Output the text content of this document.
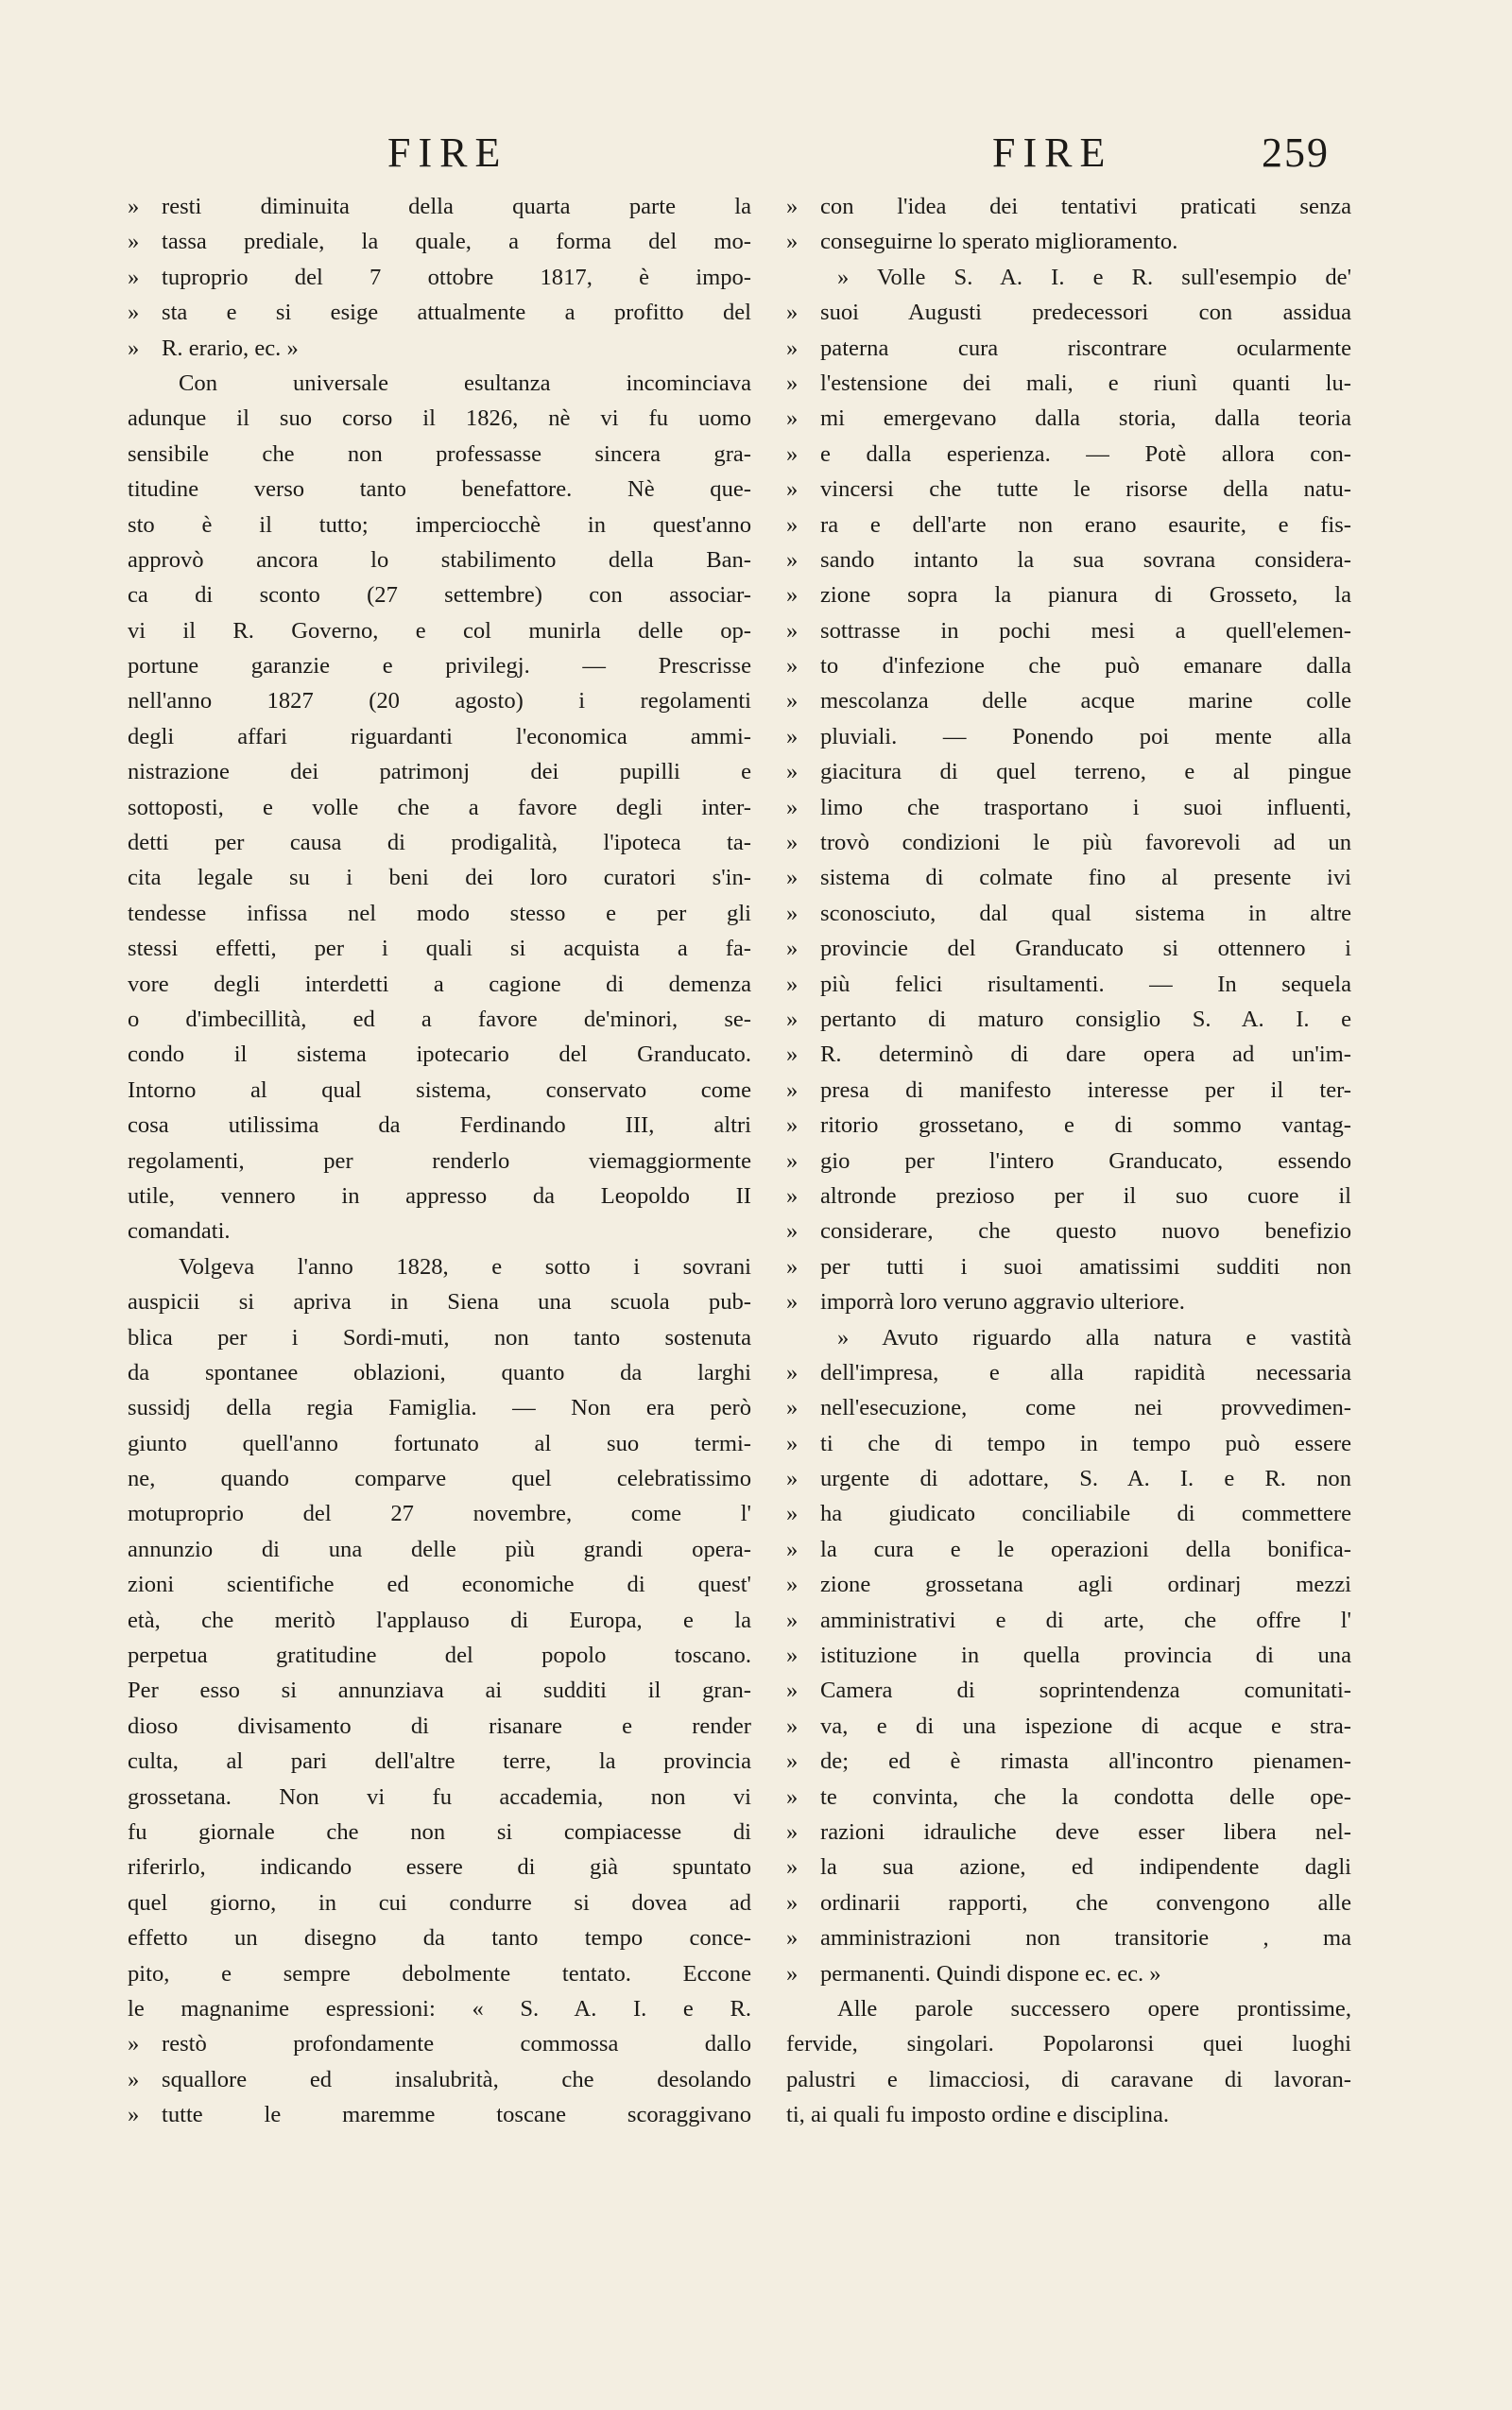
FIRE	FIRE	259
» resti diminuita della quarta parte la
» tassa prediale, la quale, a forma del mo-
» tuproprio del 7 ottobre 1817, è impo-
» sta e si esige attualmente a profitto del
» R. erario, ec. »
Con universale esultanza incominciava
adunque il suo corso il 1826, nè vi fu uomo
sensibile che non professasse sincera gra-
titudine verso tanto benefattore. Nè que-
sto è il tutto; imperciocchè in quest'anno
approvò ancora lo stabilimento della Ban-
ca di sconto (27 settembre) con associar-
vi il R. Governo, e col munirla delle op-
portune garanzie e privilegj. — Prescrisse
nell'anno 1827 (20 agosto) i regolamenti
degli affari riguardanti l'economica ammi-
nistrazione dei patrimonj dei pupilli e
sottoposti, e volle che a favore degli inter-
detti per causa di prodigalità, l'ipoteca ta-
cita legale su i beni dei loro curatori s'in-
tendesse infissa nel modo stesso e per gli
stessi effetti, per i quali si acquista a fa-
vore degli interdetti a cagione di demenza
o d'imbecillità, ed a favore de'minori, se-
condo il sistema ipotecario del Granducato.
Intorno al qual sistema, conservato come
cosa utilissima da Ferdinando III, altri
regolamenti, per renderlo viemaggiormente
utile, vennero in appresso da Leopoldo II
comandati.
Volgeva l'anno 1828, e sotto i sovrani
auspicii si apriva in Siena una scuola pub-
blica per i Sordi-muti, non tanto sostenuta
da spontanee oblazioni, quanto da larghi
sussidj della regia Famiglia. — Non era però
giunto quell'anno fortunato al suo termi-
ne, quando comparve quel celebratissimo
motuproprio del 27 novembre, come l'
annunzio di una delle più grandi opera-
zioni scientifiche ed economiche di quest'
età, che meritò l'applauso di Europa, e la
perpetua gratitudine del popolo toscano.
Per esso si annunziava ai sudditi il gran-
dioso divisamento di risanare e render
culta, al pari dell'altre terre, la provincia
grossetana. Non vi fu accademia, non vi
fu giornale che non si compiacesse di
riferirlo, indicando essere di già spuntato
quel giorno, in cui condurre si dovea ad
effetto un disegno da tanto tempo conce-
pito, e sempre debolmente tentato. Eccone
le magnanime espressioni: « S. A. I. e R.
» restò profondamente commossa dallo
» squallore ed insalubrità, che desolando
» tutte le maremme toscane scoraggivano
» con l'idea dei tentativi praticati senza
» conseguirne lo sperato miglioramento.
» Volle S. A. I. e R. sull'esempio de'
» suoi Augusti predecessori con assidua
» paterna cura riscontrare ocularmente
» l'estensione dei mali, e riunì quanti lu-
» mi emergevano dalla storia, dalla teoria
» e dalla esperienza. — Potè allora con-
» vincersi che tutte le risorse della natu-
» ra e dell'arte non erano esaurite, e fis-
» sando intanto la sua sovrana considera-
» zione sopra la pianura di Grosseto, la
» sottrasse in pochi mesi a quell'elemen-
» to d'infezione che può emanare dalla
» mescolanza delle acque marine colle
» pluviali. — Ponendo poi mente alla
» giacitura di quel terreno, e al pingue
» limo che trasportano i suoi influenti,
» trovò condizioni le più favorevoli ad un
» sistema di colmate fino al presente ivi
» sconosciuto, dal qual sistema in altre
» provincie del Granducato si ottennero i
» più felici risultamenti. — In sequela
» pertanto di maturo consiglio S. A. I. e
» R. determinò di dare opera ad un'im-
» presa di manifesto interesse per il ter-
» ritorio grossetano, e di sommo vantag-
» gio per l'intero Granducato, essendo
» altronde prezioso per il suo cuore il
» considerare, che questo nuovo benefizio
» per tutti i suoi amatissimi sudditi non
» imporrà loro veruno aggravio ulteriore.
» Avuto riguardo alla natura e vastità
» dell'impresa, e alla rapidità necessaria
» nell'esecuzione, come nei provvedimen-
» ti che di tempo in tempo può essere
» urgente di adottare, S. A. I. e R. non
» ha giudicato conciliabile di commettere
» la cura e le operazioni della bonifica-
» zione grossetana agli ordinarj mezzi
» amministrativi e di arte, che offre l'
» istituzione in quella provincia di una
» Camera di soprintendenza comunitati-
» va, e di una ispezione di acque e stra-
» de; ed è rimasta all'incontro pienamen-
» te convinta, che la condotta delle ope-
» razioni idrauliche deve esser libera nel-
» la sua azione, ed indipendente dagli
» ordinarii rapporti, che convengono alle
» amministrazioni non transitorie , ma
» permanenti. Quindi dispone ec. ec. »
Alle parole successero opere prontissime,
fervide, singolari. Popolaronsi quei luoghi
palustri e limacciosi, di caravane di lavoran-
ti, ai quali fu imposto ordine e disciplina.
